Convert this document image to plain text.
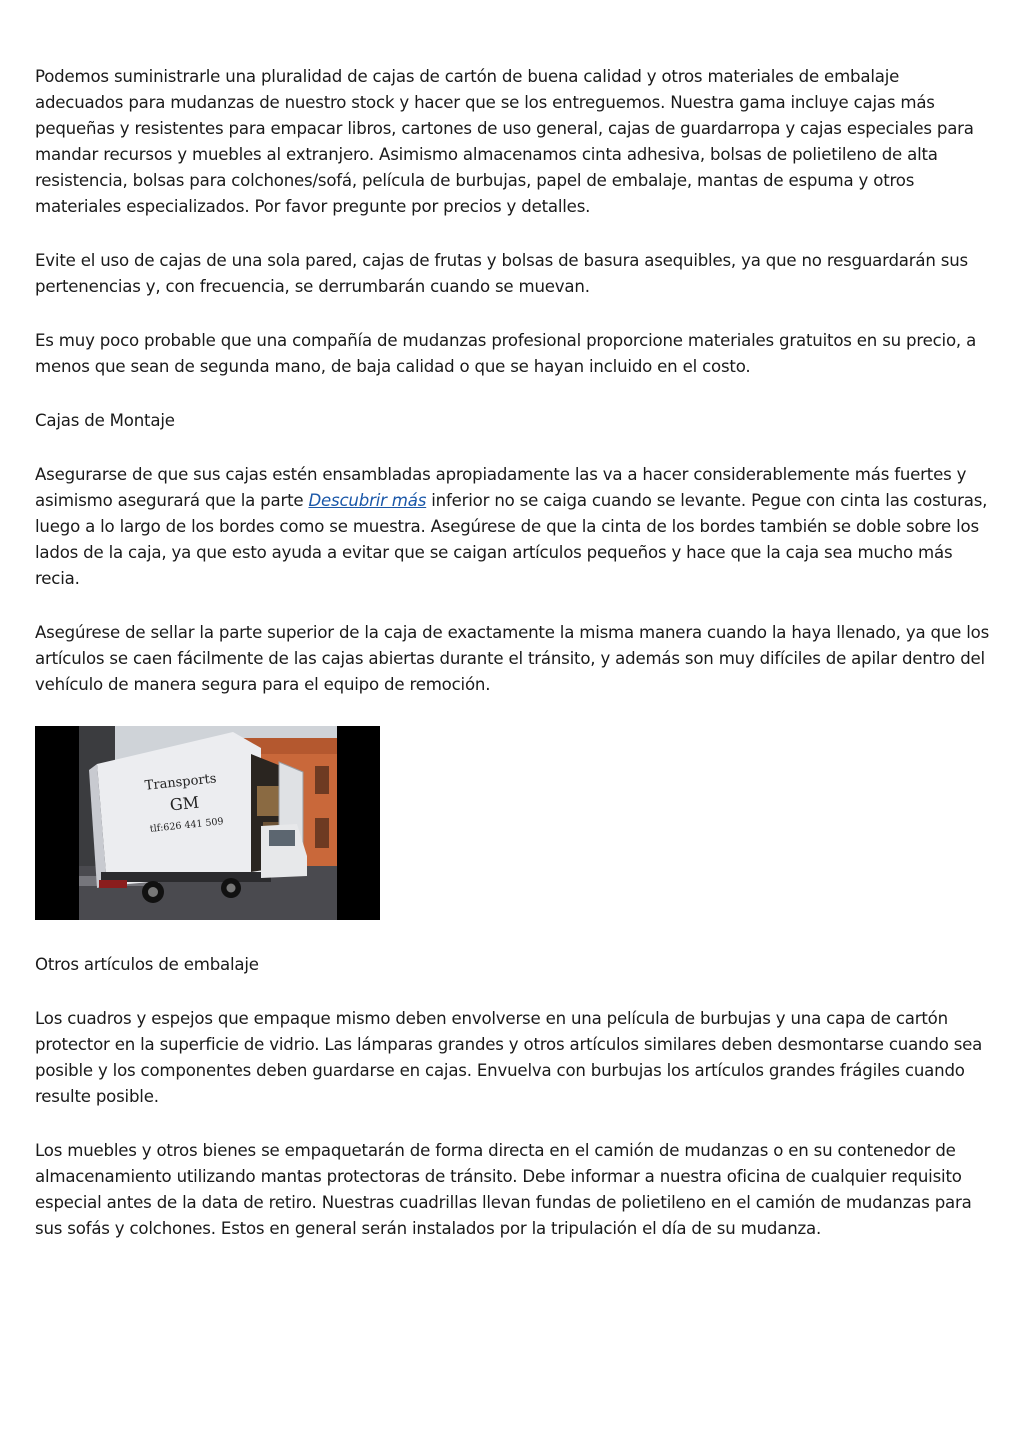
Podemos suministrarle una pluralidad de cajas de cartón de buena calidad y otros materiales de embalaje adecuados para mudanzas de nuestro stock y hacer que se los entreguemos. Nuestra gama incluye cajas más pequeñas y resistentes para empacar libros, cartones de uso general, cajas de guardarropa y cajas especiales para mandar recursos y muebles al extranjero. Asimismo almacenamos cinta adhesiva, bolsas de polietileno de alta resistencia, bolsas para colchones/sofá, película de burbujas, papel de embalaje, mantas de espuma y otros materiales especializados. Por favor pregunte por precios y detalles.

Evite el uso de cajas de una sola pared, cajas de frutas y bolsas de basura asequibles, ya que no resguardarán sus pertenencias y, con frecuencia, se derrumbarán cuando se muevan.

Es muy poco probable que una compañía de mudanzas profesional proporcione materiales gratuitos en su precio, a menos que sean de segunda mano, de baja calidad o que se hayan incluido en el costo.

Cajas de Montaje

Asegurarse de que sus cajas estén ensambladas apropiadamente las va a hacer considerablemente más fuertes y asimismo asegurará que la parte Descubrir más inferior no se caiga cuando se levante. Pegue con cinta las costuras, luego a lo largo de los bordes como se muestra. Asegúrese de que la cinta de los bordes también se doble sobre los lados de la caja, ya que esto ayuda a evitar que se caigan artículos pequeños y hace que la caja sea mucho más recia.

Asegúrese de sellar la parte superior de la caja de exactamente la misma manera cuando la haya llenado, ya que los artículos se caen fácilmente de las cajas abiertas durante el tránsito, y además son muy difíciles de apilar dentro del vehículo de manera segura para el equipo de remoción.

Transports
GM
tlf:626 441 509

Otros artículos de embalaje

Los cuadros y espejos que empaque mismo deben envolverse en una película de burbujas y una capa de cartón protector en la superficie de vidrio. Las lámparas grandes y otros artículos similares deben desmontarse cuando sea posible y los componentes deben guardarse en cajas. Envuelva con burbujas los artículos grandes frágiles cuando resulte posible.

Los muebles y otros bienes se empaquetarán de forma directa en el camión de mudanzas o en su contenedor de almacenamiento utilizando mantas protectoras de tránsito. Debe informar a nuestra oficina de cualquier requisito especial antes de la data de retiro. Nuestras cuadrillas llevan fundas de polietileno en el camión de mudanzas para sus sofás y colchones. Estos en general serán instalados por la tripulación el día de su mudanza.
